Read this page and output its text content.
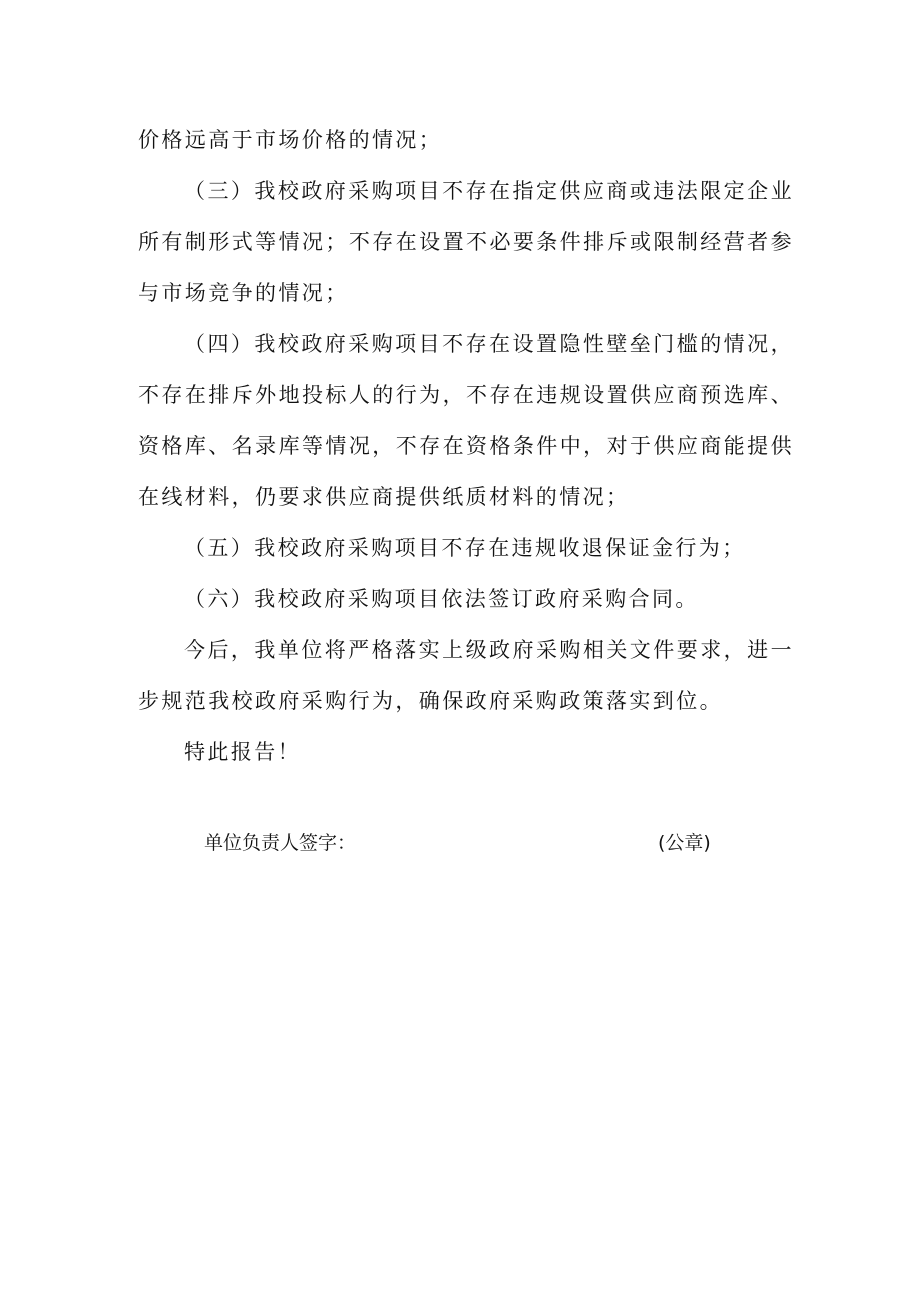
价格远高于市场价格的情况；

（三）我校政府采购项目不存在指定供应商或违法限定企业所有制形式等情况；不存在设置不必要条件排斥或限制经营者参与市场竞争的情况；

（四）我校政府采购项目不存在设置隐性壁垒门槛的情况，不存在排斥外地投标人的行为，不存在违规设置供应商预选库、资格库、名录库等情况，不存在资格条件中，对于供应商能提供在线材料，仍要求供应商提供纸质材料的情况；

（五）我校政府采购项目不存在违规收退保证金行为；

（六）我校政府采购项目依法签订政府采购合同。

今后，我单位将严格落实上级政府采购相关文件要求，进一步规范我校政府采购行为，确保政府采购政策落实到位。

特此报告！

单位负责人签字：	(公章)
